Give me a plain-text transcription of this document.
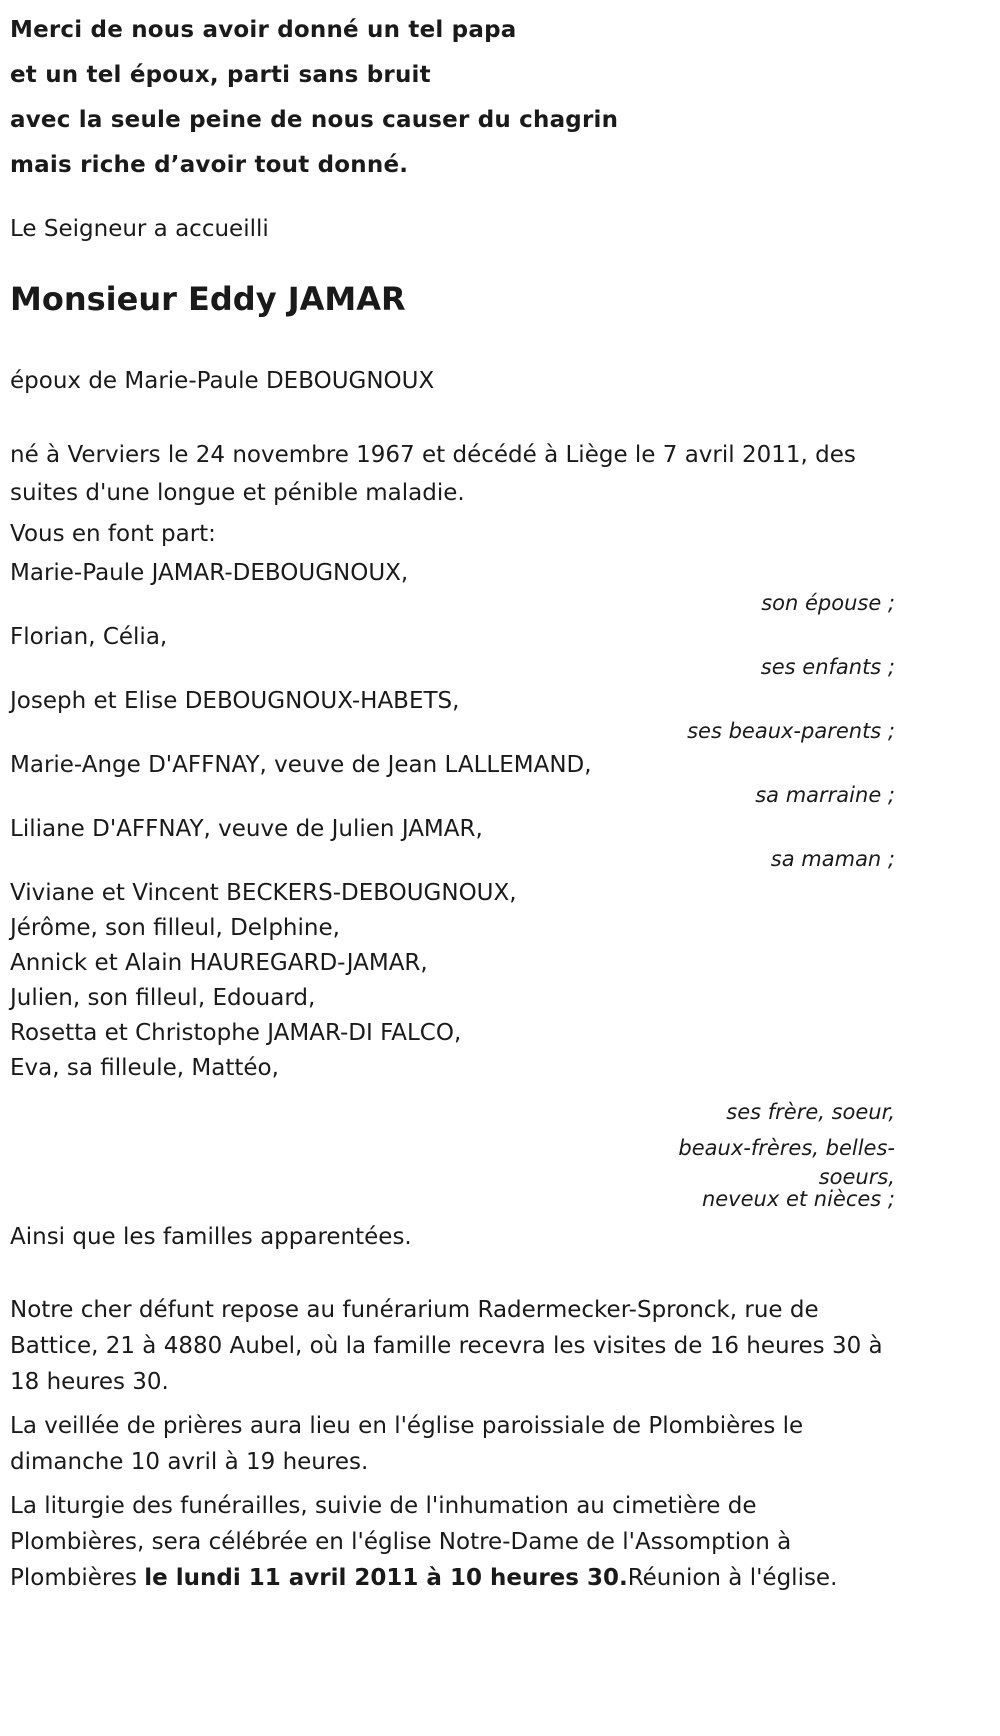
Merci de nous avoir donné un tel papa
et un tel époux, parti sans bruit
avec la seule peine de nous causer du chagrin
mais riche d’avoir tout donné.

Le Seigneur a accueilli

Monsieur Eddy JAMAR

époux de Marie-Paule DEBOUGNOUX

né à Verviers le 24 novembre 1967 et décédé à Liège le 7 avril 2011, des suites d'une longue et pénible maladie.

Vous en font part:

Marie-Paule JAMAR-DEBOUGNOUX,
son épouse ;
Florian, Célia,
ses enfants ;
Joseph et Elise DEBOUGNOUX-HABETS,
ses beaux-parents ;
Marie-Ange D'AFFNAY, veuve de Jean LALLEMAND,
sa marraine ;
Liliane D'AFFNAY, veuve de Julien JAMAR,
sa maman ;
Viviane et Vincent BECKERS-DEBOUGNOUX,
Jérôme, son filleul, Delphine,
Annick et Alain HAUREGARD-JAMAR,
Julien, son filleul, Edouard,
Rosetta et Christophe JAMAR-DI FALCO,
Eva, sa filleule, Mattéo,
ses frère, soeur,
beaux-frères, belles-
soeurs,
neveux et nièces ;

Ainsi que les familles apparentées.

Notre cher défunt repose au funérarium Radermecker-Spronck, rue de Battice, 21 à 4880 Aubel, où la famille recevra les visites de 16 heures 30 à 18 heures 30.

La veillée de prières aura lieu en l'église paroissiale de Plombières le dimanche 10 avril à 19 heures.

La liturgie des funérailles, suivie de l'inhumation au cimetière de Plombières, sera célébrée en l'église Notre-Dame de l'Assomption à Plombières le lundi 11 avril 2011 à 10 heures 30.Réunion à l'église.
